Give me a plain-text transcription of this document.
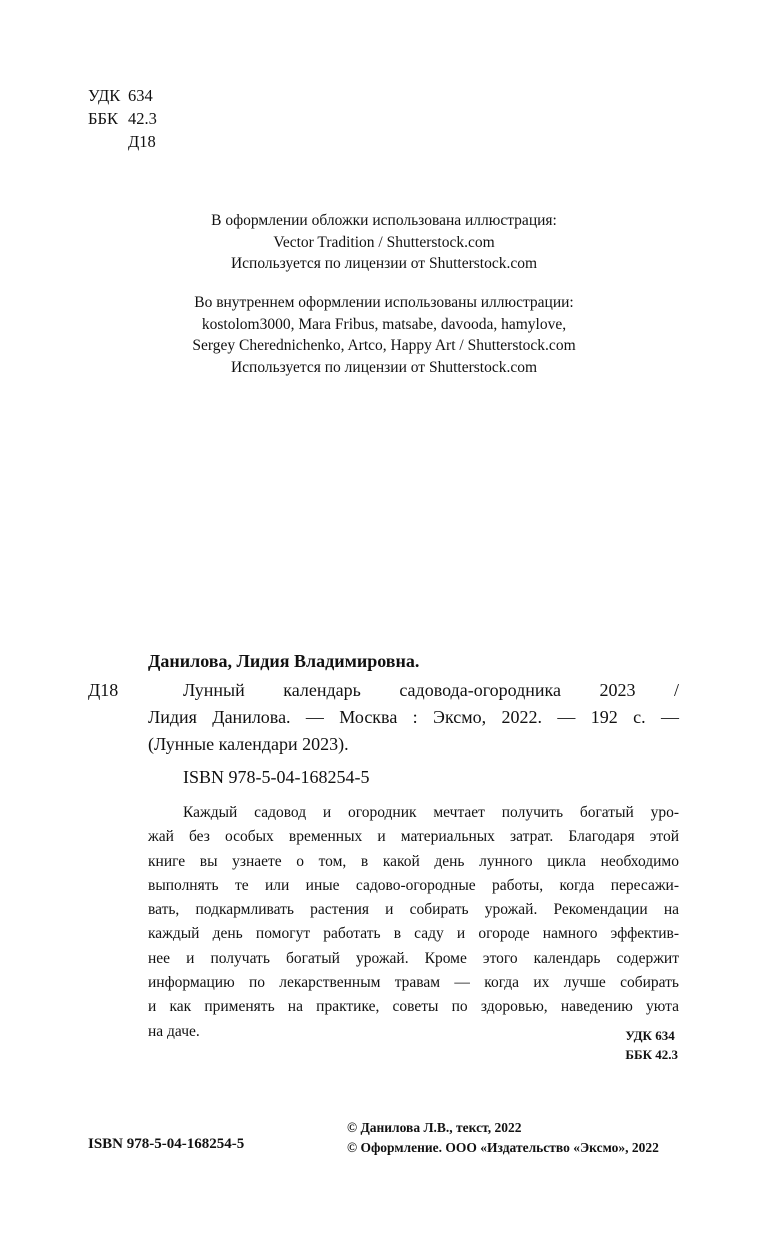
УДК 634
ББК 42.3
Д18
В оформлении обложки использована иллюстрация:
Vector Tradition / Shutterstock.com
Используется по лицензии от Shutterstock.com
Во внутреннем оформлении использованы иллюстрации:
kostolom3000, Mara Fribus, matsabe, davooda, hamylove,
Sergey Cherednichenko, Artco, Happy Art / Shutterstock.com
Используется по лицензии от Shutterstock.com
Данилова, Лидия Владимировна.
Д18	Лунный календарь садовода-огородника 2023 /
Лидия Данилова. — Москва : Эксмо, 2022. — 192 с. —
(Лунные календари 2023).
ISBN 978-5-04-168254-5
Каждый садовод и огородник мечтает получить богатый уро-
жай без особых временных и материальных затрат. Благодаря этой
книге вы узнаете о том, в какой день лунного цикла необходимо
выполнять те или иные садово-огородные работы, когда пересажи-
вать, подкармливать растения и собирать урожай. Рекомендации на
каждый день помогут работать в саду и огороде намного эффектив-
нее и получать богатый урожай. Кроме этого календарь содержит
информацию по лекарственным травам — когда их лучше собирать
и как применять на практике, советы по здоровью, наведению уюта
на даче.	УДК 634
ББК 42.3
ISBN 978-5-04-168254-5
© Данилова Л.В., текст, 2022
© Оформление. ООО «Издательство «Эксмо», 2022
